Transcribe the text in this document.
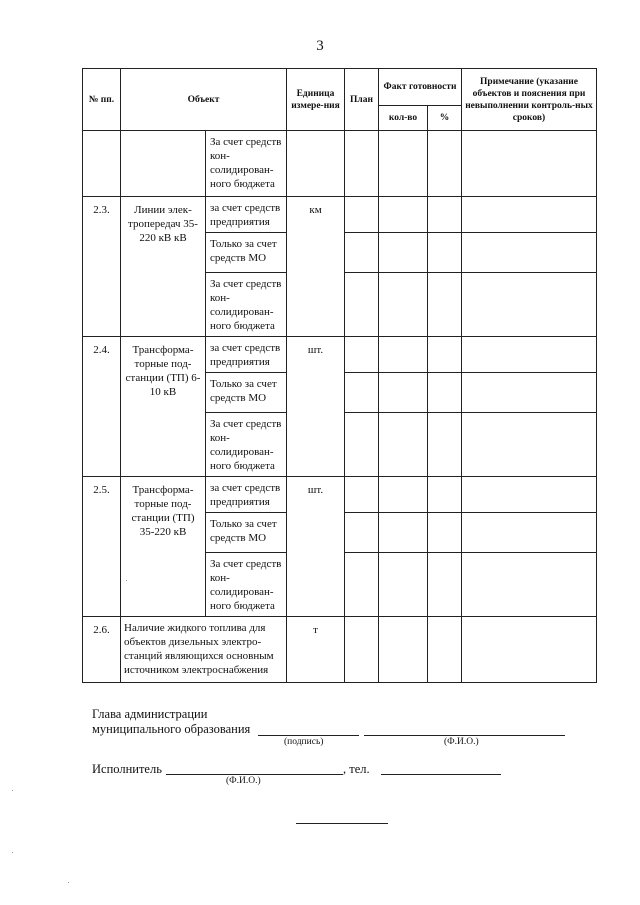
3
№ пп.	Объект		Единица измере-ния	План	Факт готовности		Примечание (указание объектов и пояснения при невыполнении контроль-ных сроков)
					кол-во	%	
		За счет средств кон-солидирован-ного бюджета					
2.3.	Линии элек-тропередач 35-220 кВ кВ	за счет средств предприятия	км				
		Только за счет средств МО					
		За счет средств кон-солидирован-ного бюджета					
2.4.	Трансформа-торные под-станции (ТП) 6-10 кВ	за счет средств предприятия	шт.				
		Только за счет средств МО					
		За счет средств кон-солидирован-ного бюджета					
2.5.	Трансформа-торные под-станции (ТП) 35-220 кВ	за счет средств предприятия	шт.				
		Только за счет средств МО					
		За счет средств кон-солидирован-ного бюджета					
2.6.	Наличие жидкого топлива для объектов дизельных электро-станций являющихся основным источником электроснабжения		т				
Глава администрации
муниципального образования
(подпись)	(Ф.И.О.)
Исполнитель	, тел.
(Ф.И.О.)
